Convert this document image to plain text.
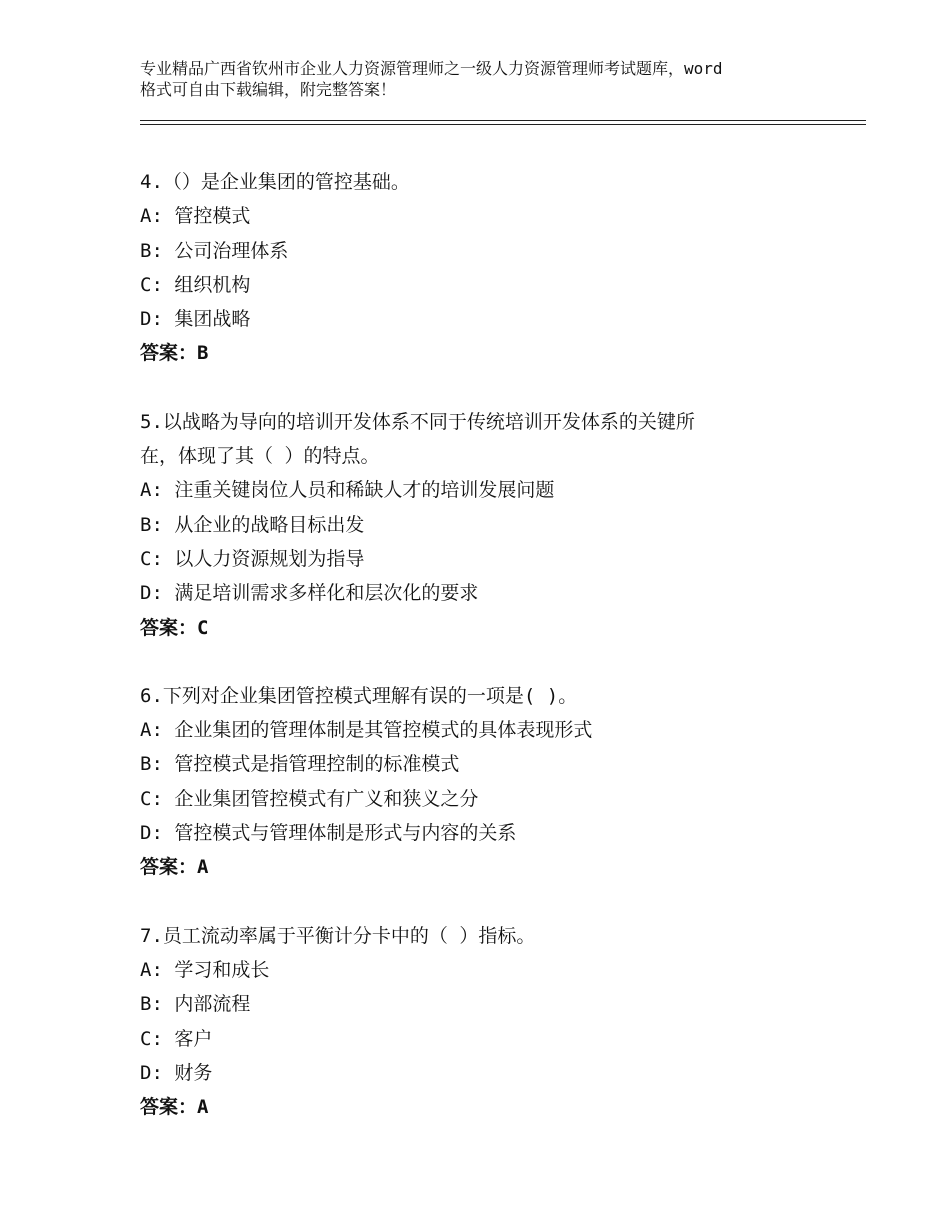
专业精品广西省钦州市企业人力资源管理师之一级人力资源管理师考试题库，word
格式可自由下载编辑，附完整答案！
4.（）是企业集团的管控基础。
A: 管控模式
B: 公司治理体系
C: 组织机构
D: 集团战略
答案：B
5.以战略为导向的培训开发体系不同于传统培训开发体系的关键所
在，体现了其（ ）的特点。
A: 注重关键岗位人员和稀缺人才的培训发展问题
B: 从企业的战略目标出发
C: 以人力资源规划为指导
D: 满足培训需求多样化和层次化的要求
答案：C
6.下列对企业集团管控模式理解有误的一项是( )。
A: 企业集团的管理体制是其管控模式的具体表现形式
B: 管控模式是指管理控制的标准模式
C: 企业集团管控模式有广义和狭义之分
D: 管控模式与管理体制是形式与内容的关系
答案：A
7.员工流动率属于平衡计分卡中的（ ）指标。
A: 学习和成长
B: 内部流程
C: 客户
D: 财务
答案：A
